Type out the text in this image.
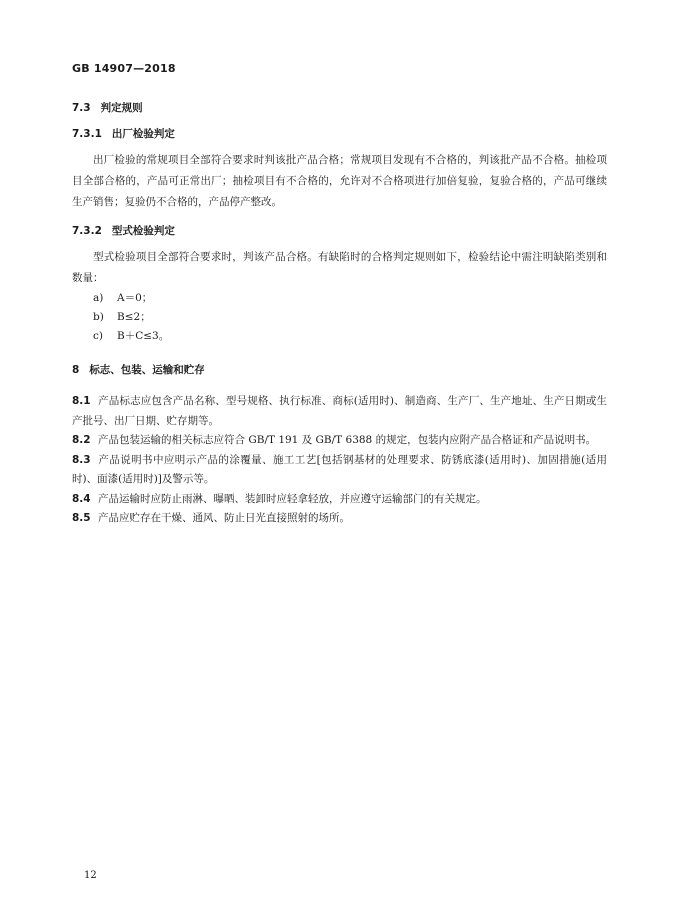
GB 14907—2018
7.3 判定规则
7.3.1 出厂检验判定

出厂检验的常规项目全部符合要求时判该批产品合格；常规项目发现有不合格的，判该批产品不合格。抽检项目全部合格的，产品可正常出厂；抽检项目有不合格的，允许对不合格项进行加倍复验，复验合格的，产品可继续生产销售；复验仍不合格的，产品停产整改。

7.3.2 型式检验判定

型式检验项目全部符合要求时，判该产品合格。有缺陷时的合格判定规则如下，检验结论中需注明缺陷类别和数量：

a) A＝0；

b) B≤2；

c) B＋C≤3。

8 标志、包装、运输和贮存

8.1 产品标志应包含产品名称、型号规格、执行标准、商标(适用时)、制造商、生产厂、生产地址、生产日期或生产批号、出厂日期、贮存期等。

8.2 产品包装运输的相关标志应符合 GB/T 191 及 GB/T 6388 的规定，包装内应附产品合格证和产品说明书。

8.3 产品说明书中应明示产品的涂覆量、施工工艺[包括钢基材的处理要求、防锈底漆(适用时)、加固措施(适用时)、面漆(适用时)]及警示等。

8.4 产品运输时应防止雨淋、曝晒、装卸时应轻拿轻放，并应遵守运输部门的有关规定。

8.5 产品应贮存在干燥、通风、防止日光直接照射的场所。

12
